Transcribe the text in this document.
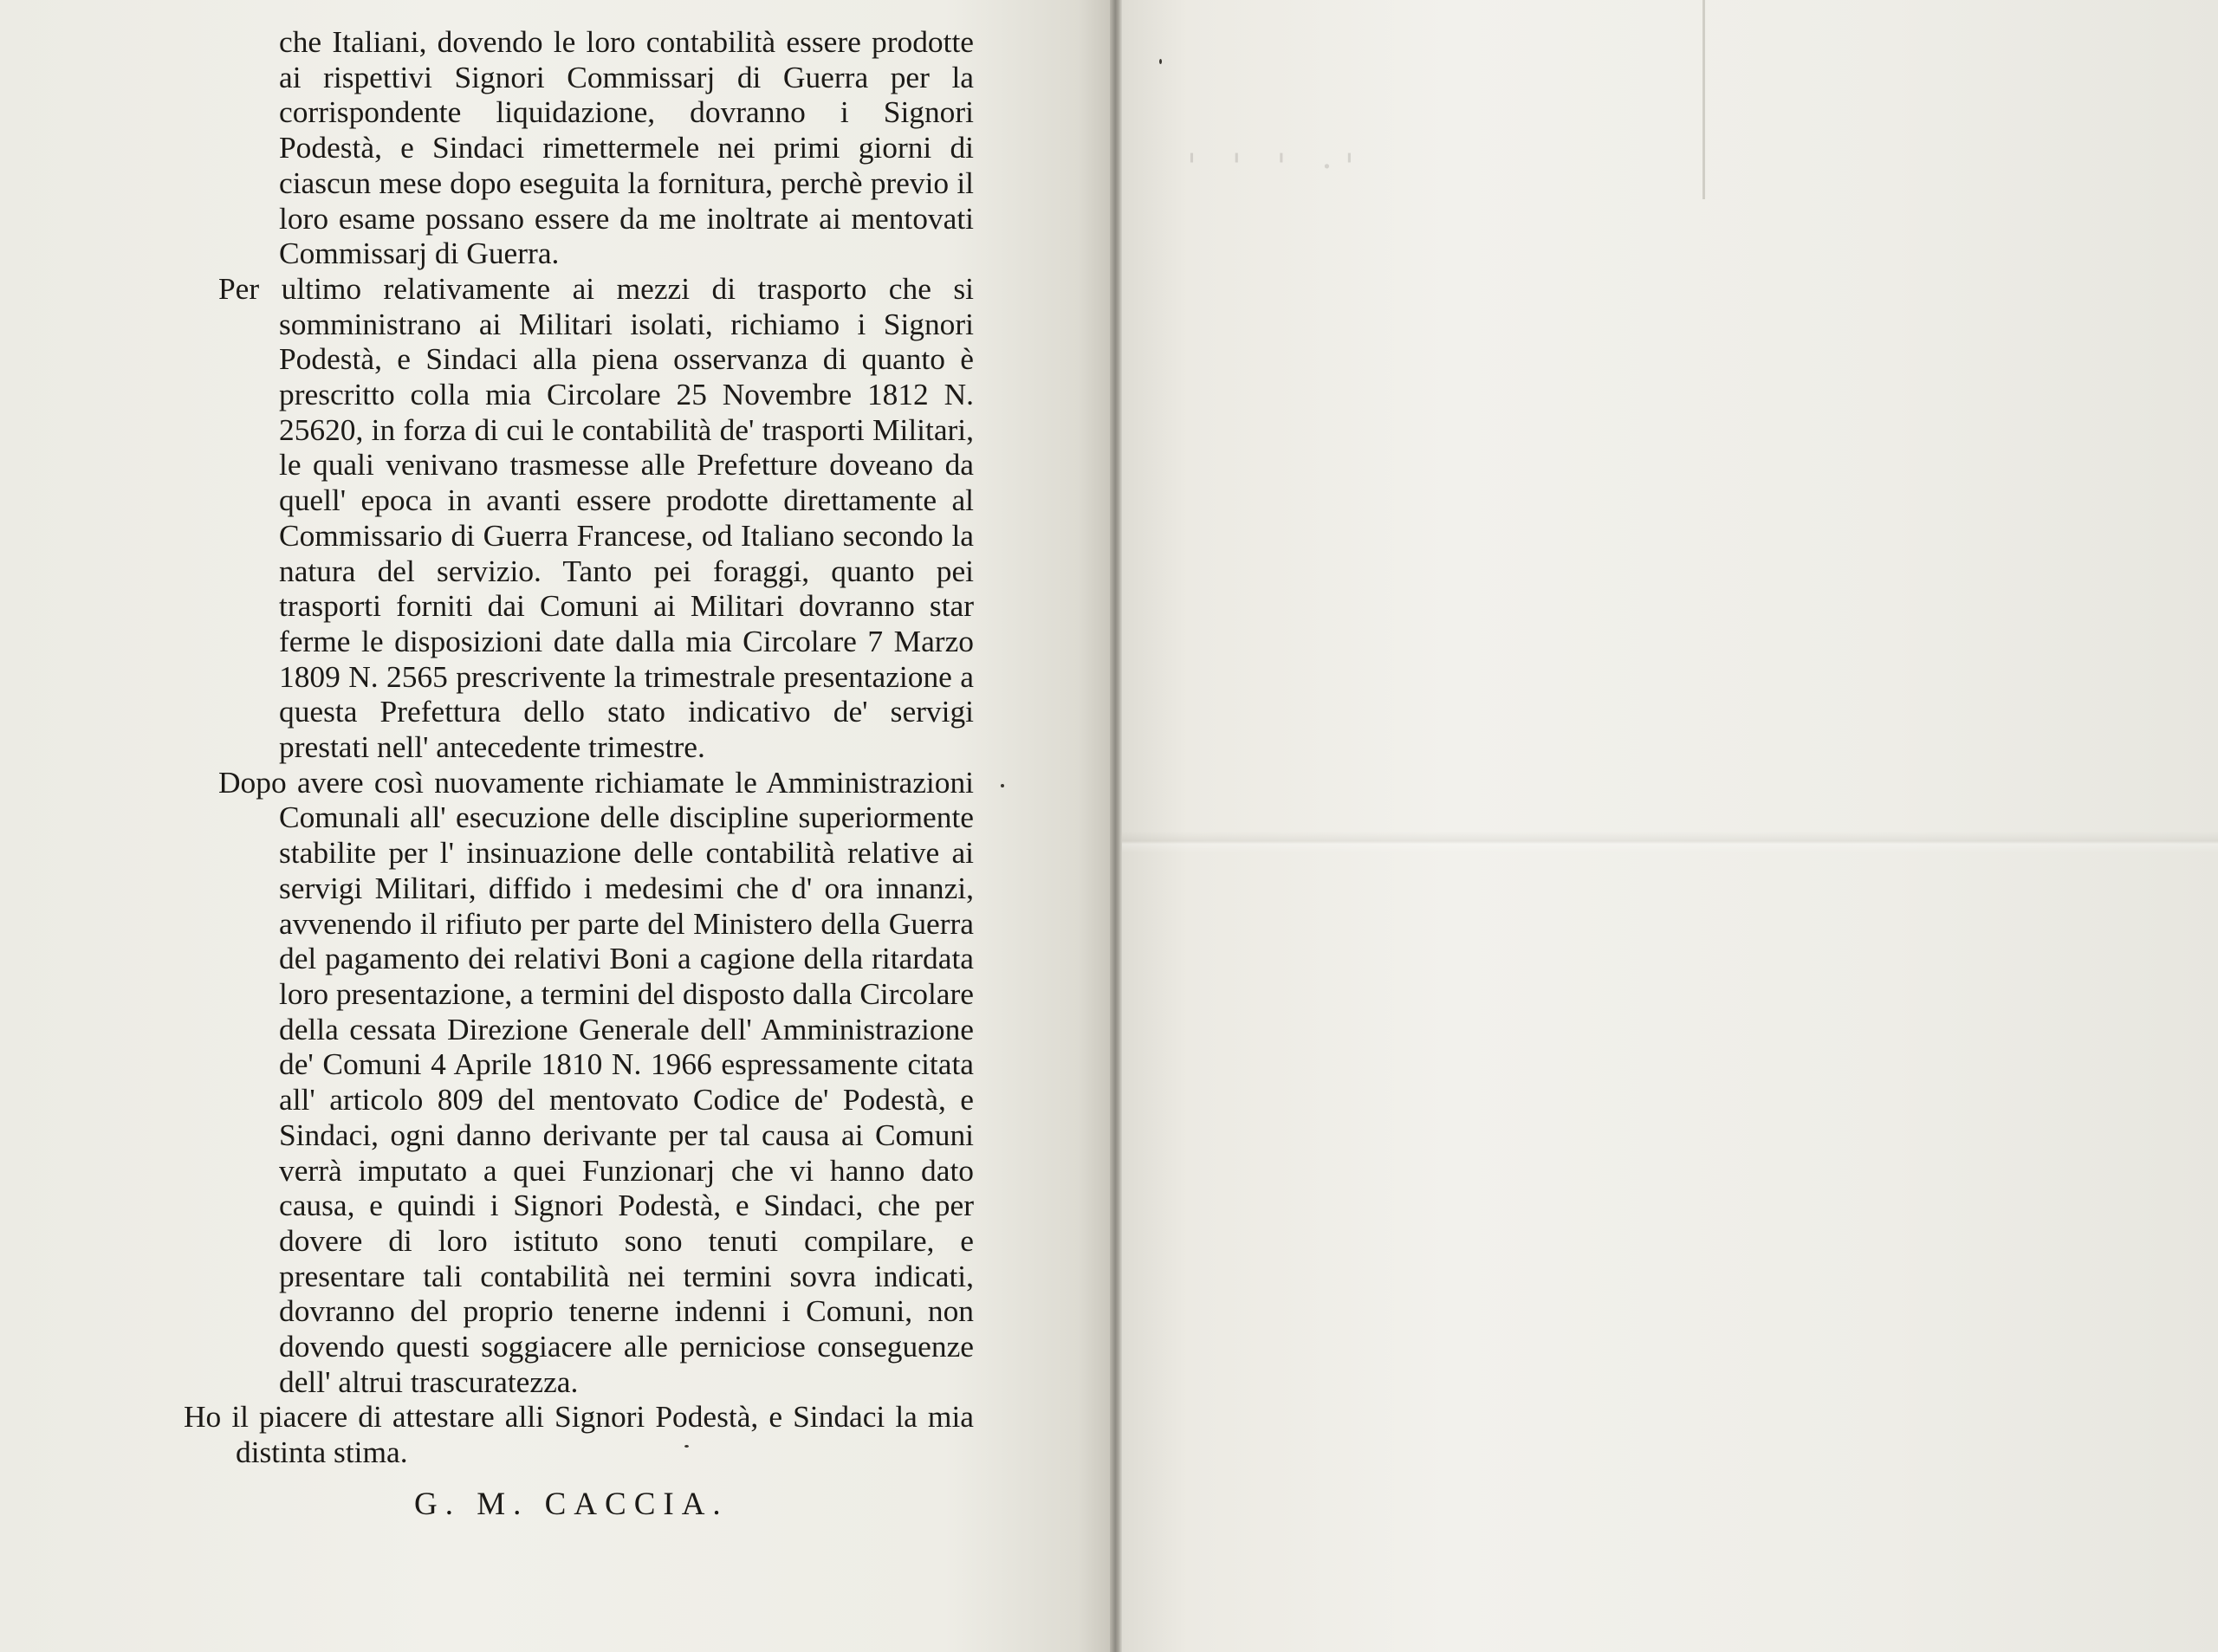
' ' ' ·'

che Italiani, dovendo le loro contabilità essere prodotte ai rispettivi Signori Commissarj di Guerra per la corrispondente liquidazione, dovranno i Signori Podestà, e Sindaci rimettermele nei primi giorni di ciascun mese dopo eseguita la fornitura, perchè previo il loro esame possano essere da me inoltrate ai mentovati Commissarj di Guerra.

Per ultimo relativamente ai mezzi di trasporto che si somministrano ai Militari isolati, richiamo i Signori Podestà, e Sindaci alla piena osservanza di quanto è prescritto colla mia Circolare 25 Novembre 1812 N. 25620, in forza di cui le contabilità de' trasporti Militari, le quali venivano trasmesse alle Prefetture doveano da quell' epoca in avanti essere prodotte direttamente al Commissario di Guerra Francese, od Italiano secondo la natura del servizio. Tanto pei foraggi, quanto pei trasporti forniti dai Comuni ai Militari dovranno star ferme le disposizioni date dalla mia Circolare 7 Marzo 1809 N. 2565 prescrivente la trimestrale presentazione a questa Prefettura dello stato indicativo de' servigi prestati nell' antecedente trimestre.

Dopo avere così nuovamente richiamate le Amministrazioni Comunali all' esecuzione delle discipline superiormente stabilite per l' insinuazione delle contabilità relative ai servigi Militari, diffido i medesimi che d' ora innanzi, avvenendo il rifiuto per parte del Ministero della Guerra del pagamento dei relativi Boni a cagione della ritardata loro presentazione, a termini del disposto dalla Circolare della cessata Direzione Generale dell' Amministrazione de' Comuni 4 Aprile 1810 N. 1966 espressamente citata all' articolo 809 del mentovato Codice de' Podestà, e Sindaci, ogni danno derivante per tal causa ai Comuni verrà imputato a quei Funzionarj che vi hanno dato causa, e quindi i Signori Podestà, e Sindaci, che per dovere di loro istituto sono tenuti compilare, e presentare tali contabilità nei termini sovra indicati, dovranno del proprio tenerne indenni i Comuni, non dovendo questi soggiacere alle perniciose conseguenze dell' altrui trascuratezza.

Ho il piacere di attestare alli Signori Podestà, e Sindaci la mia distinta stima.

G. M. CACCIA.
